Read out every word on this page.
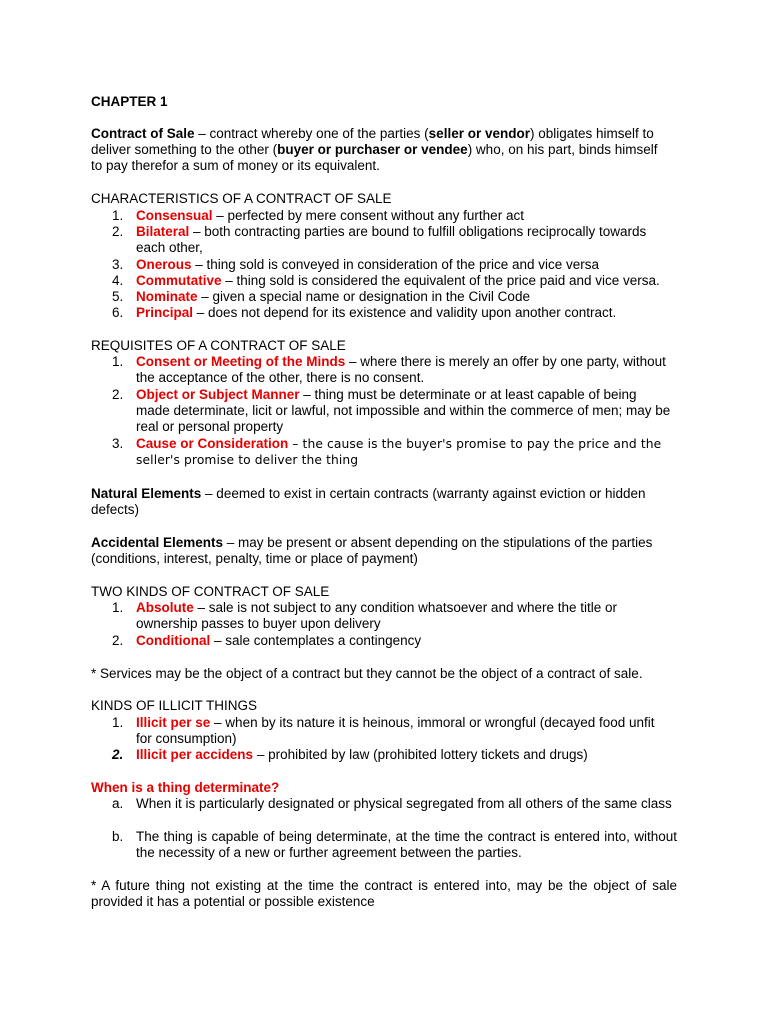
CHAPTER 1
Contract of Sale – contract whereby one of the parties (seller or vendor) obligates himself to deliver something to the other (buyer or purchaser or vendee) who, on his part, binds himself to pay therefor a sum of money or its equivalent.
CHARACTERISTICS OF A CONTRACT OF SALE
1. Consensual – perfected by mere consent without any further act
2. Bilateral – both contracting parties are bound to fulfill obligations reciprocally towards each other,
3. Onerous – thing sold is conveyed in consideration of the price and vice versa
4. Commutative – thing sold is considered the equivalent of the price paid and vice versa.
5. Nominate – given a special name or designation in the Civil Code
6. Principal – does not depend for its existence and validity upon another contract.
REQUISITES OF A CONTRACT OF SALE
1. Consent or Meeting of the Minds – where there is merely an offer by one party, without the acceptance of the other, there is no consent.
2. Object or Subject Manner – thing must be determinate or at least capable of being made determinate, licit or lawful, not impossible and within the commerce of men; may be real or personal property
3. Cause or Consideration – the cause is the buyer's promise to pay the price and the seller's promise to deliver the thing
Natural Elements – deemed to exist in certain contracts (warranty against eviction or hidden defects)
Accidental Elements – may be present or absent depending on the stipulations of the parties (conditions, interest, penalty, time or place of payment)
TWO KINDS OF CONTRACT OF SALE
1. Absolute – sale is not subject to any condition whatsoever and where the title or ownership passes to buyer upon delivery
2. Conditional – sale contemplates a contingency
* Services may be the object of a contract but they cannot be the object of a contract of sale.
KINDS OF ILLICIT THINGS
1. Illicit per se – when by its nature it is heinous, immoral or wrongful (decayed food unfit for consumption)
2. Illicit per accidens – prohibited by law (prohibited lottery tickets and drugs)
When is a thing determinate?
a. When it is particularly designated or physical segregated from all others of the same class
b. The thing is capable of being determinate, at the time the contract is entered into, without the necessity of a new or further agreement between the parties.
* A future thing not existing at the time the contract is entered into, may be the object of sale provided it has a potential or possible existence
